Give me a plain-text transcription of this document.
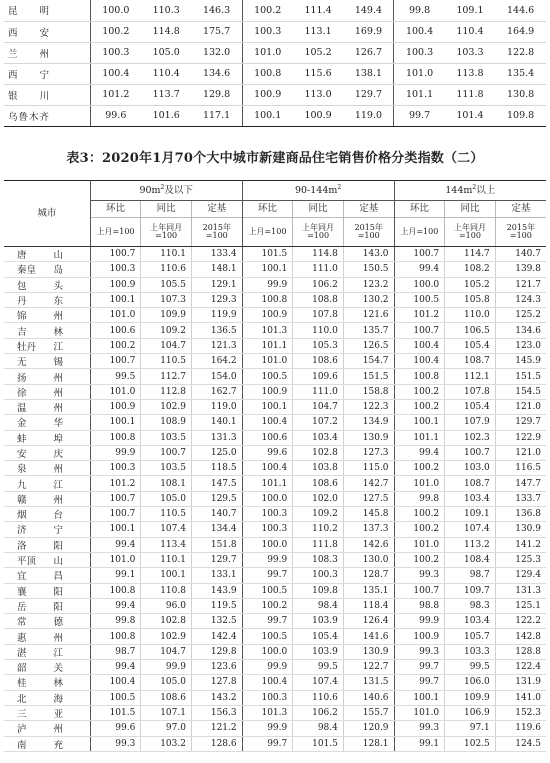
昆　　明	100.0	110.3	146.3	100.2	111.4	149.4	99.8	109.1	144.6
西　　安	100.2	114.8	175.7	100.3	113.1	169.9	100.4	110.4	164.9
兰　　州	100.3	105.0	132.0	101.0	105.2	126.7	100.3	103.3	122.8
西　　宁	100.4	110.4	134.6	100.8	115.6	138.1	101.0	113.8	135.4
银　　川	101.2	113.7	129.8	100.9	113.0	129.7	101.1	111.8	130.8
乌鲁木齐	99.6	101.6	117.1	100.1	100.9	119.0	99.7	101.4	109.8
表3：2020年1月70个大中城市新建商品住宅销售价格分类指数（二）
城市	$90m^2$及以下			$90-144m^2$			$144m^2$以上		
	环比	同比	定基	环比	同比	定基	环比	同比	定基
	上月=100	上年同月=100	2015年=100	上月=100	上年同月=100	2015年=100	上月=100	上年同月=100	2015年=100

唐 山	100.7	110.1	133.4	101.5	114.8	143.0	100.7	114.7	140.7

秦皇 岛	100.3	110.6	148.1	100.1	111.0	150.5	99.4	108.2	139.8

包 头	100.9	105.5	129.1	99.9	106.2	123.2	100.0	105.2	121.7

丹 东	100.1	107.3	129.3	100.8	108.8	130.2	100.5	105.8	124.3

锦 州	101.0	109.9	119.9	100.9	107.8	121.6	101.2	110.0	125.2

吉 林	100.6	109.2	136.5	101.3	110.0	135.7	100.7	106.5	134.6

牡丹 江	100.2	104.7	121.3	101.1	105.3	126.5	100.4	105.4	123.0

无 锡	100.7	110.5	164.2	101.0	108.6	154.7	100.4	108.7	145.9

扬 州	99.5	112.7	154.0	100.5	109.6	151.5	100.8	112.1	151.5

徐 州	101.0	112.8	162.7	100.9	111.0	158.8	100.2	107.8	154.5

温 州	100.9	102.9	119.0	100.1	104.7	122.3	100.2	105.4	121.0

金 华	100.1	108.9	140.1	100.4	107.2	134.9	100.1	107.9	129.7

蚌 埠	100.8	103.5	131.3	100.6	103.4	130.9	101.1	102.3	122.9

安 庆	99.9	100.7	125.0	99.6	102.8	127.3	99.4	100.7	121.0

泉 州	100.3	103.5	118.5	100.4	103.8	115.0	100.2	103.0	116.5

九 江	101.2	108.1	147.5	101.1	108.6	142.7	101.0	108.7	147.7

赣 州	100.7	105.0	129.5	100.0	102.0	127.5	99.8	103.4	133.7

烟 台	100.7	110.5	140.7	100.3	109.2	145.8	100.2	109.1	136.8

济 宁	100.1	107.4	134.4	100.3	110.2	137.3	100.2	107.4	130.9

洛 阳	99.4	113.4	151.8	100.0	111.8	142.6	101.0	113.2	141.2

平顶 山	101.0	110.1	129.7	99.9	108.3	130.0	100.2	108.4	125.3

宜 昌	99.1	100.1	133.1	99.7	100.3	128.7	99.3	98.7	129.4

襄 阳	100.8	110.8	143.9	100.5	109.8	135.1	100.7	109.7	131.3

岳 阳	99.4	96.0	119.5	100.2	98.4	118.4	98.8	98.3	125.1

常 德	99.8	102.8	132.5	99.7	103.9	126.4	99.9	103.4	122.2

惠 州	100.8	102.9	142.4	100.5	105.4	141.6	100.9	105.7	142.8

湛 江	98.7	104.7	129.8	100.0	103.9	130.9	99.3	103.3	128.8

韶 关	99.4	99.9	123.6	99.9	99.5	122.7	99.7	99.5	122.4

桂 林	100.4	105.0	127.8	100.4	107.4	131.5	99.7	106.0	131.9

北 海	100.5	108.6	143.2	100.3	110.6	140.6	100.1	109.9	141.0

三 亚	101.5	107.1	156.3	101.3	106.2	155.7	101.0	106.9	152.3

泸 州	99.6	97.0	121.2	99.9	98.4	120.9	99.3	97.1	119.6

南 充	99.3	103.2	128.6	99.7	101.5	128.1	99.1	102.5	124.5
